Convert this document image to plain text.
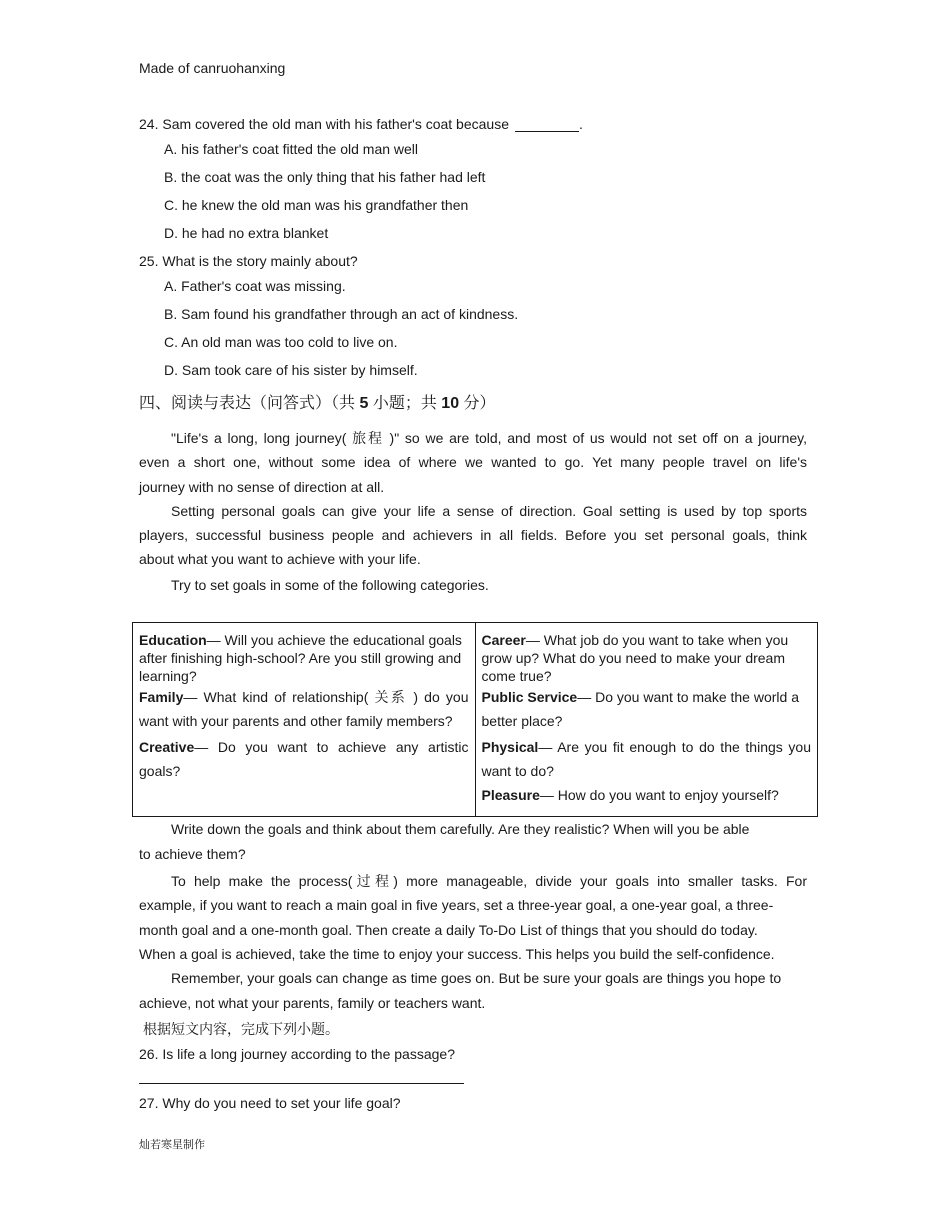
Made of canruohanxing
24. Sam covered the old man with his father's coat because	.
A. his father's coat fitted the old man well
B. the coat was the only thing that his father had left
C. he knew the old man was his grandfather then
D. he had no extra blanket
25. What is the story mainly about?
A. Father's coat was missing.
B. Sam found his grandfather through an act of kindness.
C. An old man was too cold to live on.
D. Sam took care of his sister by himself.
四、阅读与表达（问答式）（共 5 小题；共 10 分）
"Life's a long, long journey( 旅程 )" so we are told, and most of us would not set off on a journey,
even a short one, without some idea of where we wanted to go. Yet many people travel on life's
journey with no sense of direction at all.
Setting personal goals can give your life a sense of direction. Goal setting is used by top sports
players, successful business people and achievers in all fields. Before you set personal goals, think
about what you want to achieve with your life.
Try to set goals in some of the following categories.

Education— Will you achieve the educational goals after finishing high-school? Are you still growing and learning?

Family— What kind of relationship( 关系 ) do you want with your parents and other family members?

Creative— Do you want to achieve any artistic goals?

Career— What job do you want to take when you grow up? What do you need to make your dream come true?

Public Service— Do you want to make the world a better place?

Physical— Are you fit enough to do the things you want to do?

Pleasure— How do you want to enjoy yourself?

Write down the goals and think about them carefully. Are they realistic? When will you be able
to achieve them?
To help make the process(过程) more manageable, divide your goals into smaller tasks. For
example, if you want to reach a main goal in five years, set a three-year goal, a one-year goal, a three-
month goal and a one-month goal. Then create a daily To-Do List of things that you should do today.
When a goal is achieved, take the time to enjoy your success. This helps you build the self-confidence.
Remember, your goals can change as time goes on. But be sure your goals are things you hope to
achieve, not what your parents, family or teachers want.
根据短文内容，完成下列小题。
26. Is life a long journey according to the passage?
27. Why do you need to set your life goal?
灿若寒星制作
